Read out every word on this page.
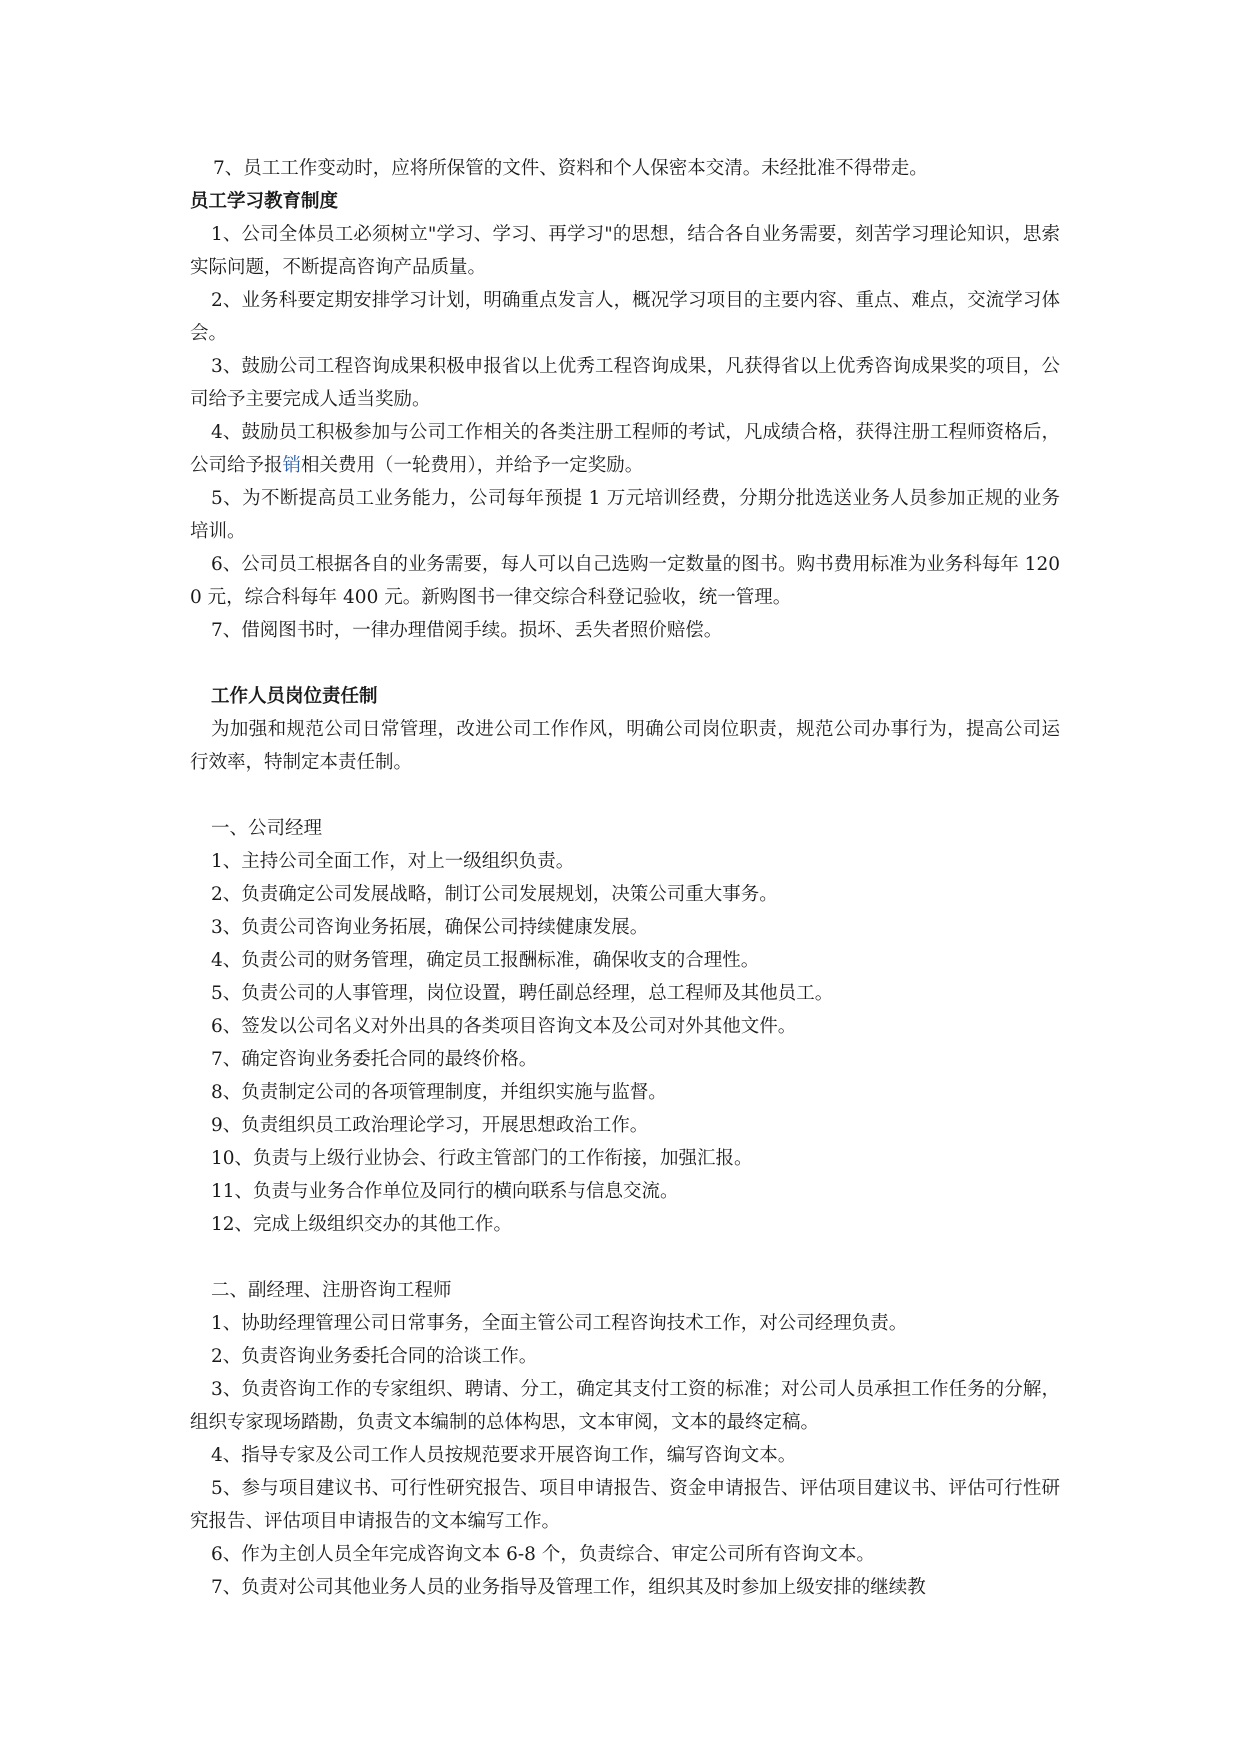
7、员工工作变动时，应将所保管的文件、资料和个人保密本交清。未经批准不得带走。

员工学习教育制度

1、公司全体员工必须树立"学习、学习、再学习"的思想，结合各自业务需要，刻苦学习理论知识，思索实际问题，不断提高咨询产品质量。

2、业务科要定期安排学习计划，明确重点发言人，概况学习项目的主要内容、重点、难点，交流学习体会。

3、鼓励公司工程咨询成果积极申报省以上优秀工程咨询成果，凡获得省以上优秀咨询成果奖的项目，公司给予主要完成人适当奖励。

4、鼓励员工积极参加与公司工作相关的各类注册工程师的考试，凡成绩合格，获得注册工程师资格后，公司给予报销相关费用（一轮费用），并给予一定奖励。

5、为不断提高员工业务能力，公司每年预提 1 万元培训经费，分期分批选送业务人员参加正规的业务培训。

6、公司员工根据各自的业务需要，每人可以自己选购一定数量的图书。购书费用标准为业务科每年 1200 元，综合科每年 400 元。新购图书一律交综合科登记验收，统一管理。

7、借阅图书时，一律办理借阅手续。损坏、丢失者照价赔偿。

工作人员岗位责任制

为加强和规范公司日常管理，改进公司工作作风，明确公司岗位职责，规范公司办事行为，提高公司运行效率，特制定本责任制。

一、公司经理

1、主持公司全面工作，对上一级组织负责。

2、负责确定公司发展战略，制订公司发展规划，决策公司重大事务。

3、负责公司咨询业务拓展，确保公司持续健康发展。

4、负责公司的财务管理，确定员工报酬标准，确保收支的合理性。

5、负责公司的人事管理，岗位设置，聘任副总经理，总工程师及其他员工。

6、签发以公司名义对外出具的各类项目咨询文本及公司对外其他文件。

7、确定咨询业务委托合同的最终价格。

8、负责制定公司的各项管理制度，并组织实施与监督。

9、负责组织员工政治理论学习，开展思想政治工作。

10、负责与上级行业协会、行政主管部门的工作衔接，加强汇报。

11、负责与业务合作单位及同行的横向联系与信息交流。

12、完成上级组织交办的其他工作。

二、副经理、注册咨询工程师

1、协助经理管理公司日常事务，全面主管公司工程咨询技术工作，对公司经理负责。

2、负责咨询业务委托合同的洽谈工作。

3、负责咨询工作的专家组织、聘请、分工，确定其支付工资的标准；对公司人员承担工作任务的分解，组织专家现场踏勘，负责文本编制的总体构思，文本审阅，文本的最终定稿。

4、指导专家及公司工作人员按规范要求开展咨询工作，编写咨询文本。

5、参与项目建议书、可行性研究报告、项目申请报告、资金申请报告、评估项目建议书、评估可行性研究报告、评估项目申请报告的文本编写工作。

6、作为主创人员全年完成咨询文本 6-8 个，负责综合、审定公司所有咨询文本。

7、负责对公司其他业务人员的业务指导及管理工作，组织其及时参加上级安排的继续教
